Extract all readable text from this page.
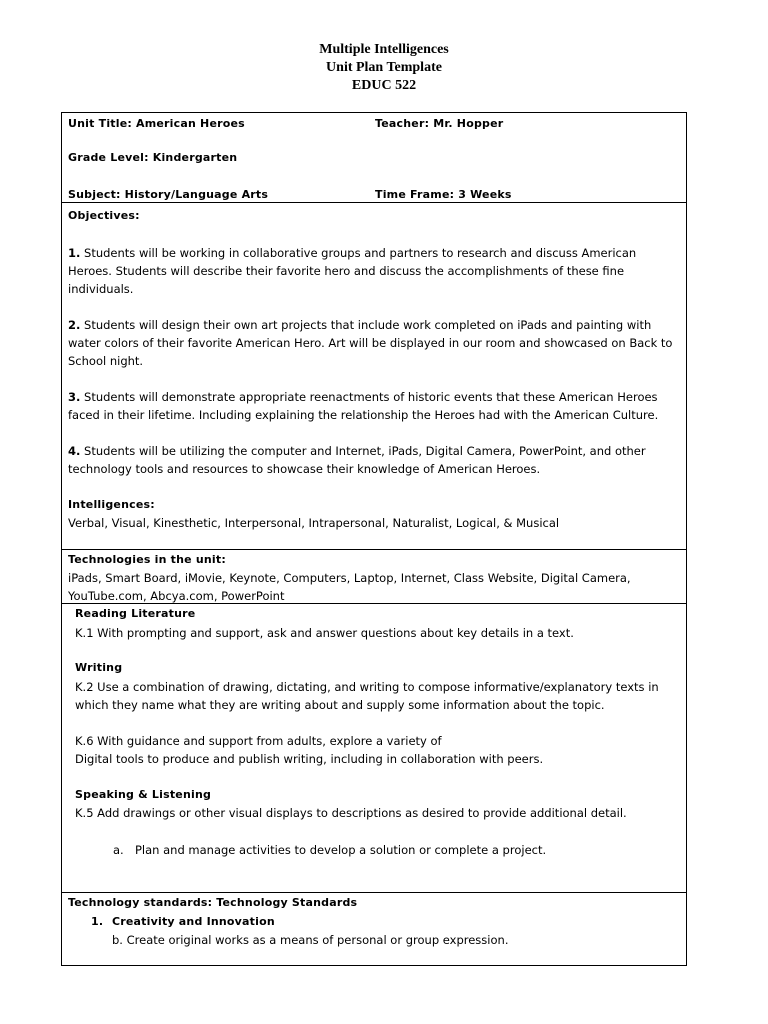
Multiple Intelligences
Unit Plan Template
EDUC 522
Unit Title: American Heroes	Teacher: Mr. Hopper
Grade Level: Kindergarten
Subject: History/Language Arts	Time Frame: 3 Weeks
Objectives:
1. Students will be working in collaborative groups and partners to research and discuss American Heroes. Students will describe their favorite hero and discuss the accomplishments of these fine individuals.
2. Students will design their own art projects that include work completed on iPads and painting with water colors of their favorite American Hero. Art will be displayed in our room and showcased on Back to School night.
3. Students will demonstrate appropriate reenactments of historic events that these American Heroes faced in their lifetime. Including explaining the relationship the Heroes had with the American Culture.
4. Students will be utilizing the computer and Internet, iPads, Digital Camera, PowerPoint, and other technology tools and resources to showcase their knowledge of American Heroes.
Intelligences:
Verbal, Visual, Kinesthetic, Interpersonal, Intrapersonal, Naturalist, Logical, & Musical
Technologies in the unit:
iPads, Smart Board, iMovie, Keynote, Computers, Laptop, Internet, Class Website, Digital Camera, YouTube.com, Abcya.com, PowerPoint
Reading Literature
K.1 With prompting and support, ask and answer questions about key details in a text.
Writing
K.2 Use a combination of drawing, dictating, and writing to compose informative/explanatory texts in which they name what they are writing about and supply some information about the topic.
K.6 With guidance and support from adults, explore a variety of
Digital tools to produce and publish writing, including in collaboration with peers.
Speaking & Listening
K.5 Add drawings or other visual displays to descriptions as desired to provide additional detail.
a. Plan and manage activities to develop a solution or complete a project.
Technology standards: Technology Standards
1. Creativity and Innovation
b. Create original works as a means of personal or group expression.
